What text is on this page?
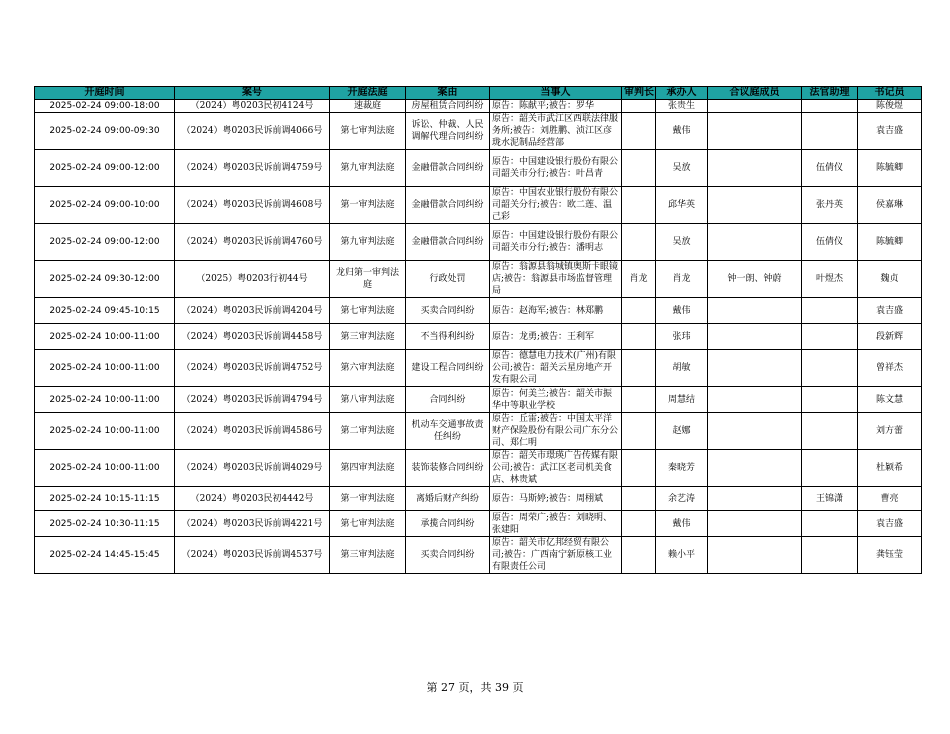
开庭时间	案号	开庭法庭	案由	当事人	审判长	承办人	合议庭成员	法官助理	书记员
2025-02-24 09:00-18:00	（2024）粤0203民初4124号	速裁庭	房屋租赁合同纠纷	原告：陈献平;被告：罗华		张贵生			陈俊煜
2025-02-24 09:00-09:30	（2024）粤0203民诉前调4066号	第七审判法庭	诉讼、仲裁、人民调解代理合同纠纷	原告：韶关市武江区西联法律服务所;被告：刘胜鹏、浈江区彦珑水泥制品经营部		戴伟			袁吉盛
2025-02-24 09:00-12:00	（2024）粤0203民诉前调4759号	第九审判法庭	金融借款合同纠纷	原告：中国建设银行股份有限公司韶关市分行;被告：叶昌青		吴放		伍倩仪	陈毓卿
2025-02-24 09:00-10:00	（2024）粤0203民诉前调4608号	第一审判法庭	金融借款合同纠纷	原告：中国农业银行股份有限公司韶关分行;被告：欧二莲、温己彩		邱华英		张丹英	侯嘉琳
2025-02-24 09:00-12:00	（2024）粤0203民诉前调4760号	第九审判法庭	金融借款合同纠纷	原告：中国建设银行股份有限公司韶关市分行;被告：潘明志		吴放		伍倩仪	陈毓卿
2025-02-24 09:30-12:00	（2025）粤0203行初44号	龙归第一审判法庭	行政处罚	原告：翁源县翁城镇奥斯卡眼镜店;被告：翁源县市场监督管理局	肖龙	肖龙	钟一朗、钟蔚	叶煜杰	魏贞
2025-02-24 09:45-10:15	（2024）粤0203民诉前调4204号	第七审判法庭	买卖合同纠纷	原告：赵海军;被告：林郑鹏		戴伟			袁吉盛
2025-02-24 10:00-11:00	（2024）粤0203民诉前调4458号	第三审判法庭	不当得利纠纷	原告：龙勇;被告：王利军		张玮			段新辉
2025-02-24 10:00-11:00	（2024）粤0203民诉前调4752号	第六审判法庭	建设工程合同纠纷	原告：德慧电力技术(广州)有限公司;被告：韶关云星房地产开发有限公司		胡敏			曾祥杰
2025-02-24 10:00-11:00	（2024）粤0203民诉前调4794号	第八审判法庭	合同纠纷	原告：何美兰;被告：韶关市振华中等职业学校		周慧结			陈文慧
2025-02-24 10:00-11:00	（2024）粤0203民诉前调4586号	第二审判法庭	机动车交通事故责任纠纷	原告：丘雷;被告：中国太平洋财产保险股份有限公司广东分公司、郑仁明		赵娜			刘方蕾
2025-02-24 10:00-11:00	（2024）粤0203民诉前调4029号	第四审判法庭	装饰装修合同纠纷	原告：韶关市璟瑛广告传媒有限公司;被告：武江区老司机美食店、林贵斌		秦晓芳			杜颖希
2025-02-24 10:15-11:15	（2024）粤0203民初4442号	第一审判法庭	离婚后财产纠纷	原告：马斯婷;被告：周栩斌		余艺涛		王锦潇	曹亮
2025-02-24 10:30-11:15	（2024）粤0203民诉前调4221号	第七审判法庭	承揽合同纠纷	原告：周荣广;被告：刘晓明、张建阳		戴伟			袁吉盛
2025-02-24 14:45-15:45	（2024）粤0203民诉前调4537号	第三审判法庭	买卖合同纠纷	原告：韶关市亿邦经贸有限公司;被告：广西南宁新原核工业有限责任公司		赖小平			龚钰莹
第 27 页，共 39 页
